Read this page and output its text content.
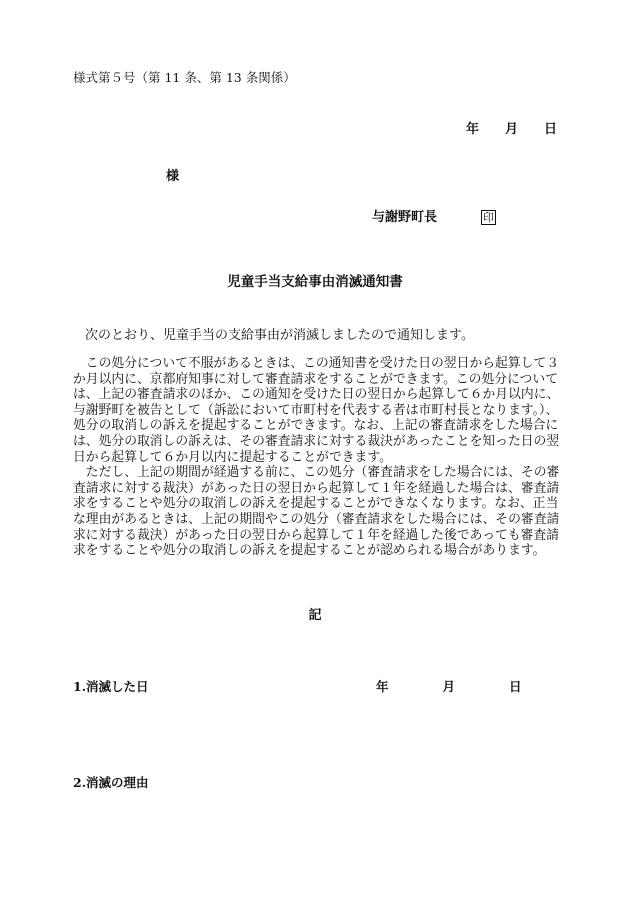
様式第５号（第 11 条、第 13 条関係）
年 月 日
様
与謝野町長	印
児童手当支給事由消滅通知書
次のとおり、児童手当の支給事由が消滅しましたので通知します。

この処分について不服があるときは、この通知書を受けた日の翌日から起算して３か月以内に、京都府知事に対して審査請求をすることができます。この処分については、上記の審査請求のほか、この通知を受けた日の翌日から起算して６か月以内に、与謝野町を被告として（訴訟において市町村を代表する者は市町村長となります。）、処分の取消しの訴えを提起することができます。なお、上記の審査請求をした場合には、処分の取消しの訴えは、その審査請求に対する裁決があったことを知った日の翌日から起算して６か月以内に提起することができます。

ただし、上記の期間が経過する前に、この処分（審査請求をした場合には、その審査請求に対する裁決）があった日の翌日から起算して１年を経過した場合は、審査請求をすることや処分の取消しの訴えを提起することができなくなります。なお、正当な理由があるときは、上記の期間やこの処分（審査請求をした場合には、その審査請求に対する裁決）があった日の翌日から起算して１年を経過した後であっても審査請求をすることや処分の取消しの訴えを提起することが認められる場合があります。

記
1.消滅した日	年	月	日
2.消滅の理由
